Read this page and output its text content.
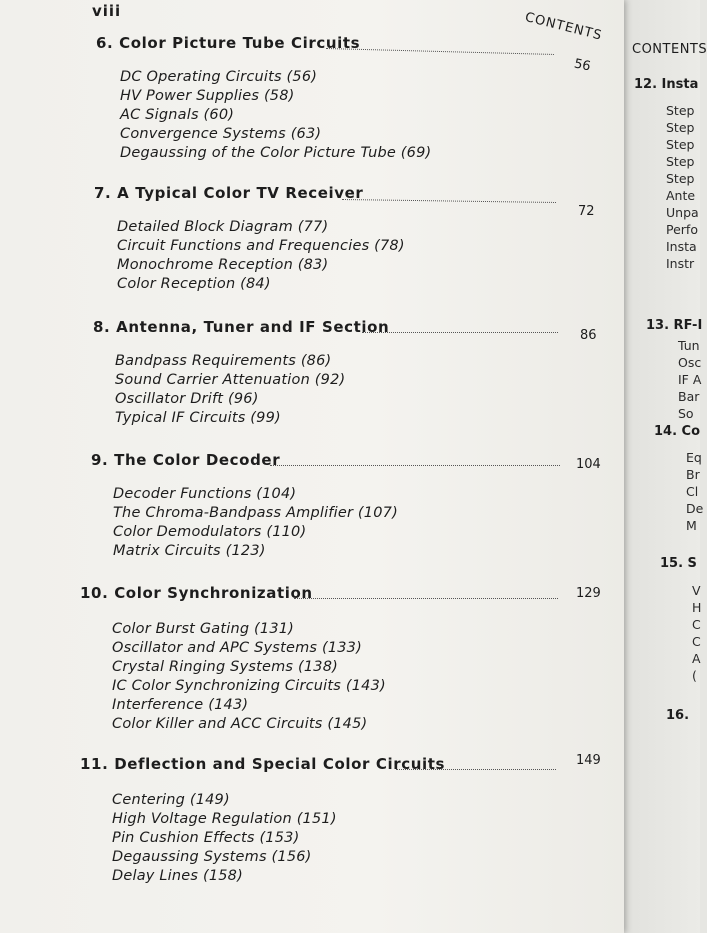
CONTENTS
12. Insta
13. RF-I
14. Co
15. S
16.
Step
Step
Step
Step
Step
Ante
Unpa
Perfo
Insta
Instr
Tun
Osc
IF A
Bar
So
Eq
Br
Cl
De
M
V
H
C
C
A
(
viii	CONTENTS
6. Color Picture Tube Circuits
56
DC Operating Circuits (56)
HV Power Supplies (58)
AC Signals (60)
Convergence Systems (63)
Degaussing of the Color Picture Tube (69)
7. A Typical Color TV Receiver
72
Detailed Block Diagram (77)
Circuit Functions and Frequencies (78)
Monochrome Reception (83)
Color Reception (84)
8. Antenna, Tuner and IF Section	86
Bandpass Requirements (86)
Sound Carrier Attenuation (92)
Oscillator Drift (96)
Typical IF Circuits (99)
9. The Color Decoder	104
Decoder Functions (104)
The Chroma-Bandpass Amplifier (107)
Color Demodulators (110)
Matrix Circuits (123)
10. Color Synchronization	129
Color Burst Gating (131)
Oscillator and APC Systems (133)
Crystal Ringing Systems (138)
IC Color Synchronizing Circuits (143)
Interference (143)
Color Killer and ACC Circuits (145)
11. Deflection and Special Color Circuits	149
Centering (149)
High Voltage Regulation (151)
Pin Cushion Effects (153)
Degaussing Systems (156)
Delay Lines (158)
